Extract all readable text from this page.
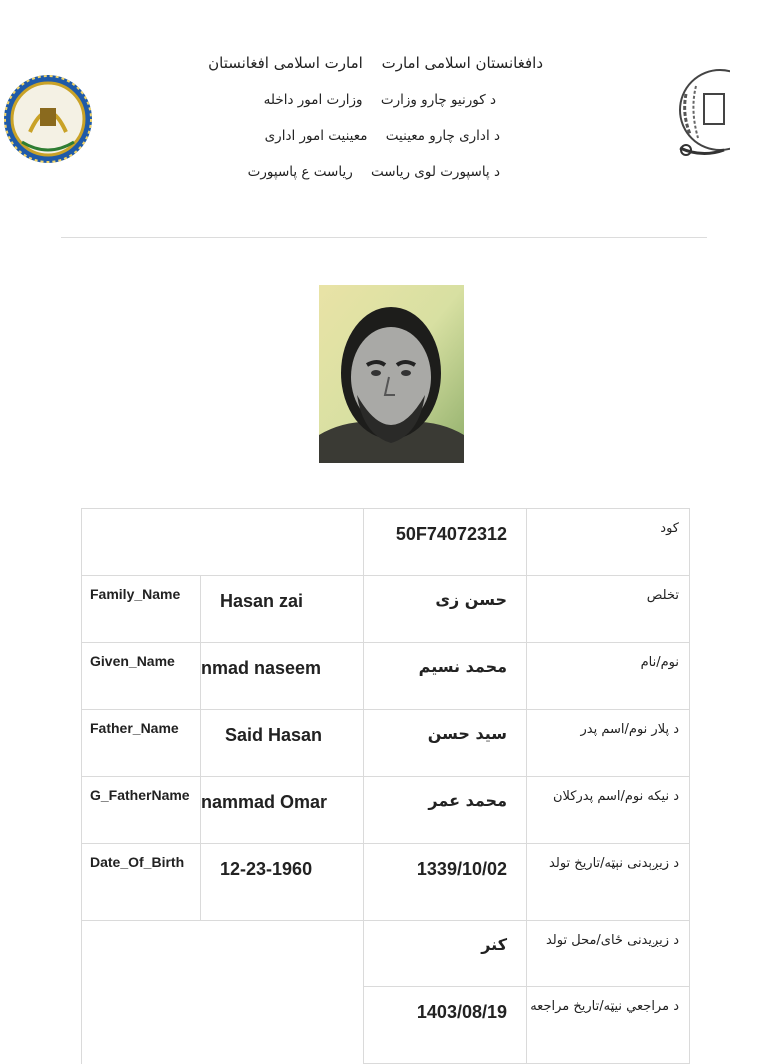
دافغانستان اسلامی امارت امارت اسلامی افغانستان
د کورنیو چارو وزارت وزارت امور داخله
د اداری چارو معینیت معینیت امور اداری
د پاسپورت لوی ریاست ریاست ع پاسپورت
		50F74072312	کود
Family_Name	Hasan zai	حسن زی	تخلص
Given_Name	nmad naseem	محمد نسیم	نوم/نام
Father_Name	Said Hasan	سید حسن	د پلار نوم/اسم پدر
G_FatherName	nammad Omar	محمد عمر	د نیکه نوم/اسم پدرکلان
Date_Of_Birth	12-23-1960	1339/10/02	د زیږېدنی نېټه/تاریخ تولد
		کنر	د زیږیدنی ځای/محل تولد
		1403/08/19	د مراجعي نیټه/تاریخ مراجعه
